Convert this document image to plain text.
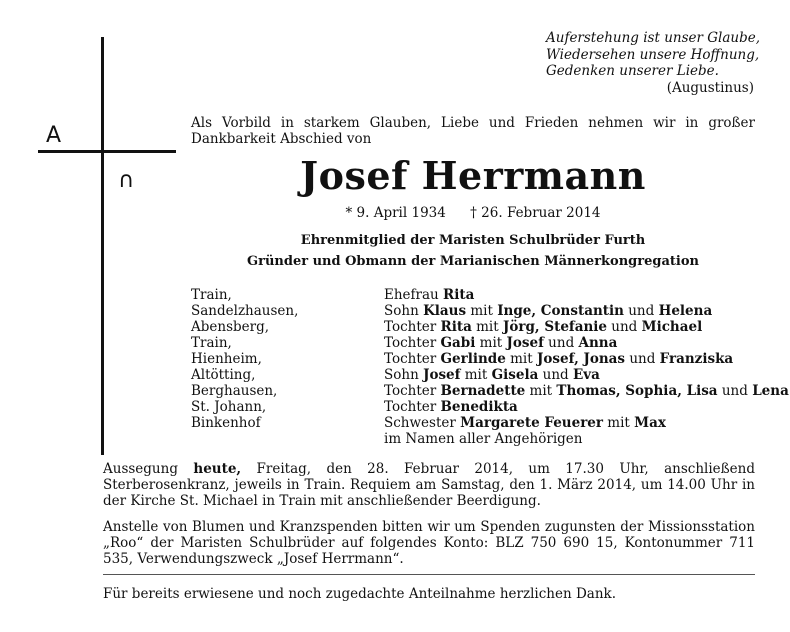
Auferstehung ist unser Glaube,
Wiedersehen unsere Hoffnung,
Gedenken unserer Liebe.
(Augustinus)
A
∩
Als Vorbild in starkem Glauben, Liebe und Frieden nehmen wir in großer Dankbarkeit Abschied von
Josef Herrmann
* 9. April 1934 † 26. Februar 2014
Ehrenmitglied der Maristen Schulbrüder Furth
Gründer und Obmann der Marianischen Männerkongregation
Train,
Sandelzhausen,
Abensberg,
Train,
Hienheim,
Altötting,
Berghausen,
St. Johann,
Binkenhof
Ehefrau Rita
Sohn Klaus mit Inge, Constantin und Helena
Tochter Rita mit Jörg, Stefanie und Michael
Tochter Gabi mit Josef und Anna
Tochter Gerlinde mit Josef, Jonas und Franziska
Sohn Josef mit Gisela und Eva
Tochter Bernadette mit Thomas, Sophia, Lisa und Lena
Tochter Benedikta
Schwester Margarete Feuerer mit Max
im Namen aller Angehörigen

Aussegung heute, Freitag, den 28. Februar 2014, um 17.30 Uhr, anschließend Sterberosenkranz, jeweils in Train. Requiem am Samstag, den 1. März 2014, um 14.00 Uhr in der Kirche St. Michael in Train mit anschließender Beerdigung.

Anstelle von Blumen und Kranzspenden bitten wir um Spenden zugunsten der Missionsstation „Roo“ der Maristen Schulbrüder auf folgendes Konto: BLZ 750 690 15, Kontonummer 711 535, Verwendungszweck „Josef Herrmann“.

Für bereits erwiesene und noch zugedachte Anteilnahme herzlichen Dank.
